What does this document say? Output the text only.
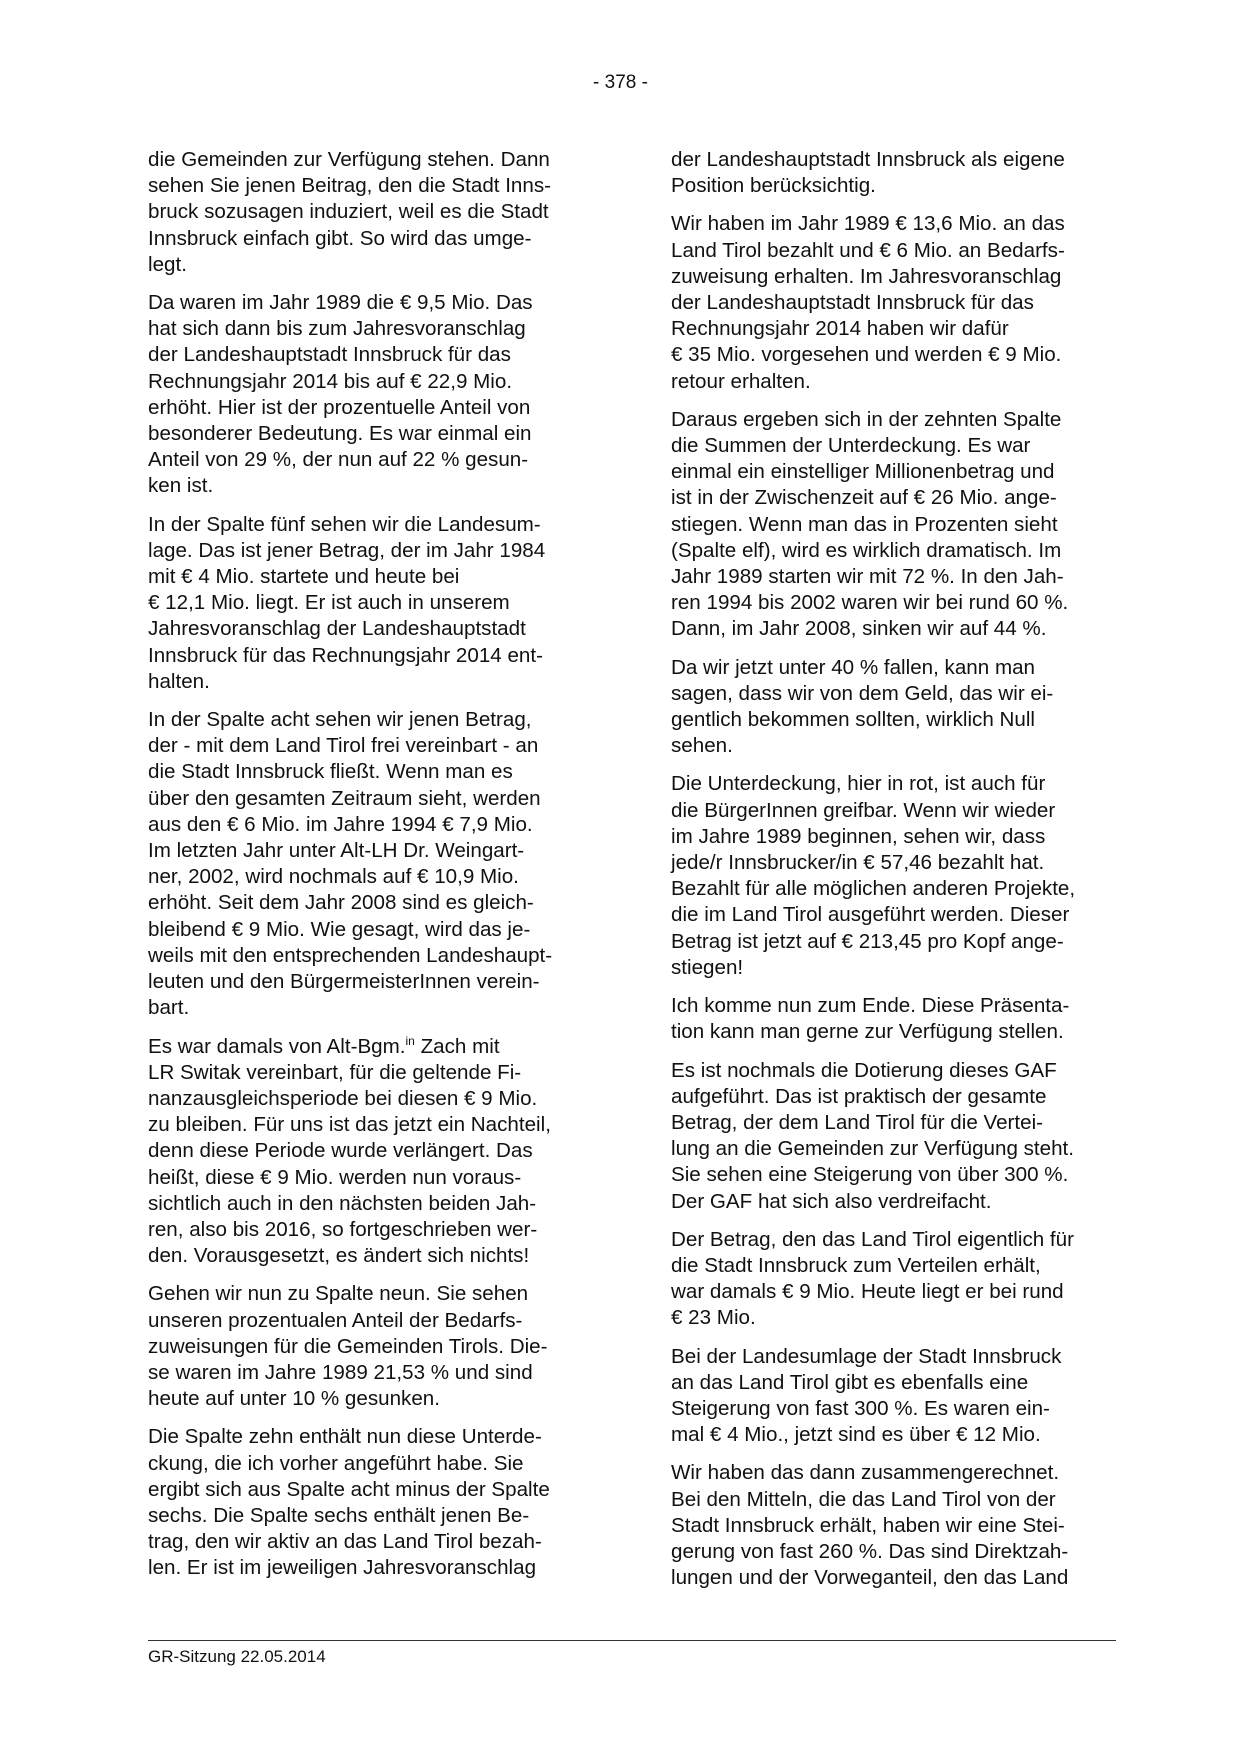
- 378 -

die Gemeinden zur Verfügung stehen. Dann
sehen Sie jenen Beitrag, den die Stadt Inns-
bruck sozusagen induziert, weil es die Stadt
Innsbruck einfach gibt. So wird das umge-
legt.

Da waren im Jahr 1989 die € 9,5 Mio. Das
hat sich dann bis zum Jahresvoranschlag
der Landeshauptstadt Innsbruck für das
Rechnungsjahr 2014 bis auf € 22,9 Mio.
erhöht. Hier ist der prozentuelle Anteil von
besonderer Bedeutung. Es war einmal ein
Anteil von 29 %, der nun auf 22 % gesun-
ken ist.

In der Spalte fünf sehen wir die Landesum-
lage. Das ist jener Betrag, der im Jahr 1984
mit € 4 Mio. startete und heute bei
€ 12,1 Mio. liegt. Er ist auch in unserem
Jahresvoranschlag der Landeshauptstadt
Innsbruck für das Rechnungsjahr 2014 ent-
halten.

In der Spalte acht sehen wir jenen Betrag,
der - mit dem Land Tirol frei vereinbart - an
die Stadt Innsbruck fließt. Wenn man es
über den gesamten Zeitraum sieht, werden
aus den € 6 Mio. im Jahre 1994 € 7,9 Mio.
Im letzten Jahr unter Alt-LH Dr. Weingart-
ner, 2002, wird nochmals auf € 10,9 Mio.
erhöht. Seit dem Jahr 2008 sind es gleich-
bleibend € 9 Mio. Wie gesagt, wird das je-
weils mit den entsprechenden Landeshaupt-
leuten und den BürgermeisterInnen verein-
bart.

Es war damals von Alt-Bgm.$^{in}$ Zach mit
LR Switak vereinbart, für die geltende Fi-
nanzausgleichsperiode bei diesen € 9 Mio.
zu bleiben. Für uns ist das jetzt ein Nachteil,
denn diese Periode wurde verlängert. Das
heißt, diese € 9 Mio. werden nun voraus-
sichtlich auch in den nächsten beiden Jah-
ren, also bis 2016, so fortgeschrieben wer-
den. Vorausgesetzt, es ändert sich nichts!

Gehen wir nun zu Spalte neun. Sie sehen
unseren prozentualen Anteil der Bedarfs-
zuweisungen für die Gemeinden Tirols. Die-
se waren im Jahre 1989 21,53 % und sind
heute auf unter 10 % gesunken.

Die Spalte zehn enthält nun diese Unterde-
ckung, die ich vorher angeführt habe. Sie
ergibt sich aus Spalte acht minus der Spalte
sechs. Die Spalte sechs enthält jenen Be-
trag, den wir aktiv an das Land Tirol bezah-
len. Er ist im jeweiligen Jahresvoranschlag

der Landeshauptstadt Innsbruck als eigene
Position berücksichtig.

Wir haben im Jahr 1989 € 13,6 Mio. an das
Land Tirol bezahlt und € 6 Mio. an Bedarfs-
zuweisung erhalten. Im Jahresvoranschlag
der Landeshauptstadt Innsbruck für das
Rechnungsjahr 2014 haben wir dafür
€ 35 Mio. vorgesehen und werden € 9 Mio.
retour erhalten.

Daraus ergeben sich in der zehnten Spalte
die Summen der Unterdeckung. Es war
einmal ein einstelliger Millionenbetrag und
ist in der Zwischenzeit auf € 26 Mio. ange-
stiegen. Wenn man das in Prozenten sieht
(Spalte elf), wird es wirklich dramatisch. Im
Jahr 1989 starten wir mit 72 %. In den Jah-
ren 1994 bis 2002 waren wir bei rund 60 %.
Dann, im Jahr 2008, sinken wir auf 44 %.

Da wir jetzt unter 40 % fallen, kann man
sagen, dass wir von dem Geld, das wir ei-
gentlich bekommen sollten, wirklich Null
sehen.

Die Unterdeckung, hier in rot, ist auch für
die BürgerInnen greifbar. Wenn wir wieder
im Jahre 1989 beginnen, sehen wir, dass
jede/r Innsbrucker/in € 57,46 bezahlt hat.
Bezahlt für alle möglichen anderen Projekte,
die im Land Tirol ausgeführt werden. Dieser
Betrag ist jetzt auf € 213,45 pro Kopf ange-
stiegen!

Ich komme nun zum Ende. Diese Präsenta-
tion kann man gerne zur Verfügung stellen.

Es ist nochmals die Dotierung dieses GAF
aufgeführt. Das ist praktisch der gesamte
Betrag, der dem Land Tirol für die Vertei-
lung an die Gemeinden zur Verfügung steht.
Sie sehen eine Steigerung von über 300 %.
Der GAF hat sich also verdreifacht.

Der Betrag, den das Land Tirol eigentlich für
die Stadt Innsbruck zum Verteilen erhält,
war damals € 9 Mio. Heute liegt er bei rund
€ 23 Mio.

Bei der Landesumlage der Stadt Innsbruck
an das Land Tirol gibt es ebenfalls eine
Steigerung von fast 300 %. Es waren ein-
mal € 4 Mio., jetzt sind es über € 12 Mio.

Wir haben das dann zusammengerechnet.
Bei den Mitteln, die das Land Tirol von der
Stadt Innsbruck erhält, haben wir eine Stei-
gerung von fast 260 %. Das sind Direktzah-
lungen und der Vorweganteil, den das Land

GR-Sitzung 22.05.2014
